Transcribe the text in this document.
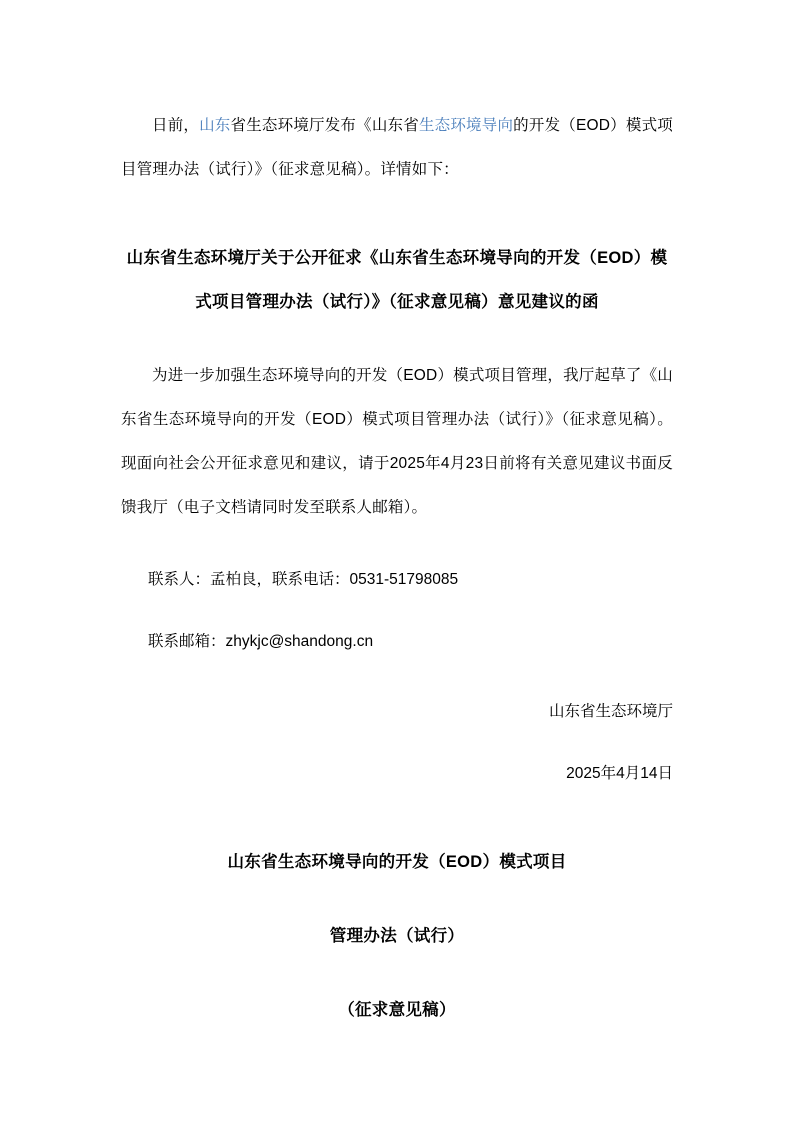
日前，山东省生态环境厅发布《山东省生态环境导向的开发（EOD）模式项目管理办法（试行）》（征求意见稿）。详情如下：

山东省生态环境厅关于公开征求《山东省生态环境导向的开发（EOD）模式项目管理办法（试行）》（征求意见稿）意见建议的函

为进一步加强生态环境导向的开发（EOD）模式项目管理，我厅起草了《山东省生态环境导向的开发（EOD）模式项目管理办法（试行）》（征求意见稿）。现面向社会公开征求意见和建议，请于2025年4月23日前将有关意见建议书面反馈我厅（电子文档请同时发至联系人邮箱）。

联系人：孟柏良，联系电话：0531-51798085

联系邮箱：zhykjc@shandong.cn

山东省生态环境厅

2025年4月14日

山东省生态环境导向的开发（EOD）模式项目

管理办法（试行）

（征求意见稿）
